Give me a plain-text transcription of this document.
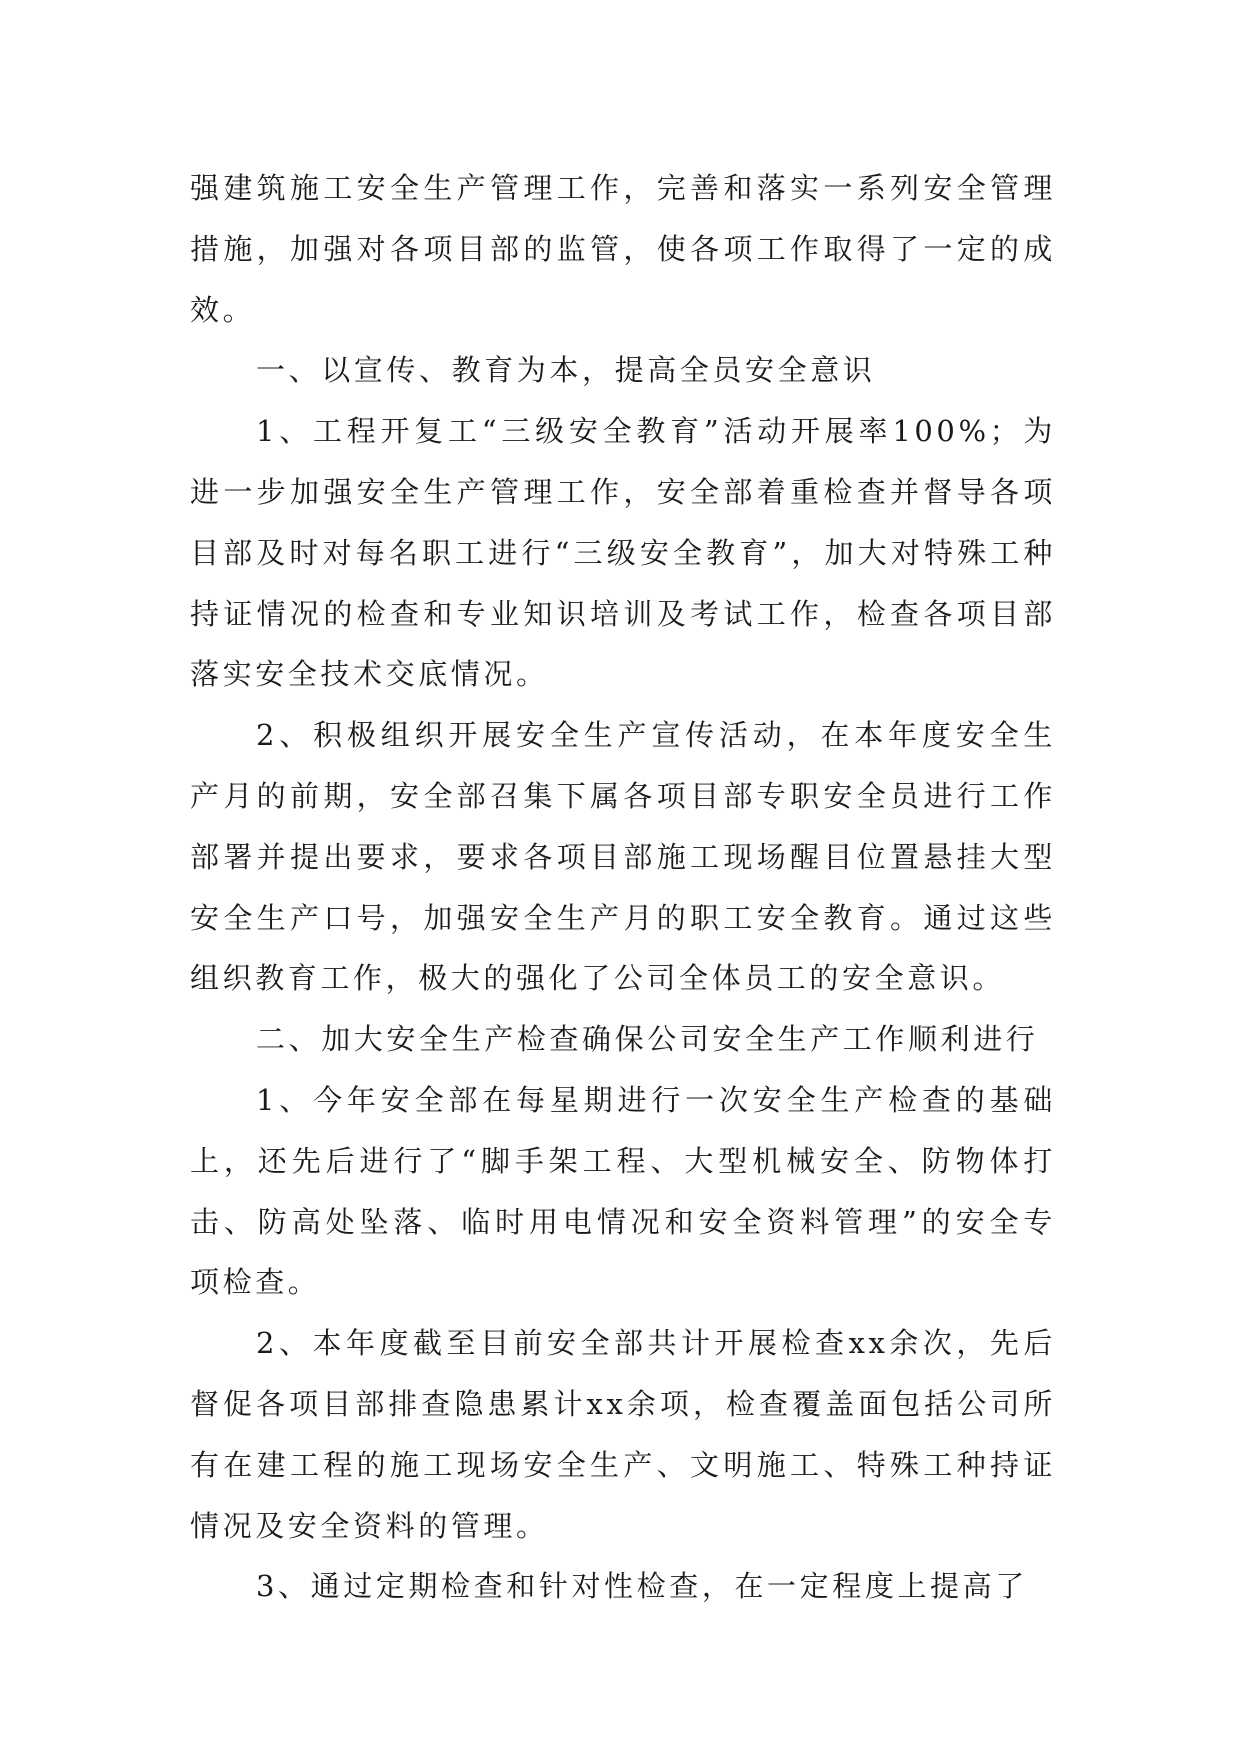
强建筑施工安全生产管理工作，完善和落实一系列安全管理措施，加强对各项目部的监管，使各项工作取得了一定的成效。

一、以宣传、教育为本，提高全员安全意识

1、工程开复工“三级安全教育”活动开展率100%；为进一步加强安全生产管理工作，安全部着重检查并督导各项目部及时对每名职工进行“三级安全教育”，加大对特殊工种持证情况的检查和专业知识培训及考试工作，检查各项目部落实安全技术交底情况。

2、积极组织开展安全生产宣传活动，在本年度安全生产月的前期，安全部召集下属各项目部专职安全员进行工作部署并提出要求，要求各项目部施工现场醒目位置悬挂大型安全生产口号，加强安全生产月的职工安全教育。通过这些组织教育工作，极大的强化了公司全体员工的安全意识。

二、加大安全生产检查确保公司安全生产工作顺利进行

1、今年安全部在每星期进行一次安全生产检查的基础上，还先后进行了“脚手架工程、大型机械安全、防物体打击、防高处坠落、临时用电情况和安全资料管理”的安全专项检查。

2、本年度截至目前安全部共计开展检查xx余次，先后督促各项目部排查隐患累计xx余项，检查覆盖面包括公司所有在建工程的施工现场安全生产、文明施工、特殊工种持证情况及安全资料的管理。

3、通过定期检查和针对性检查，在一定程度上提高了
